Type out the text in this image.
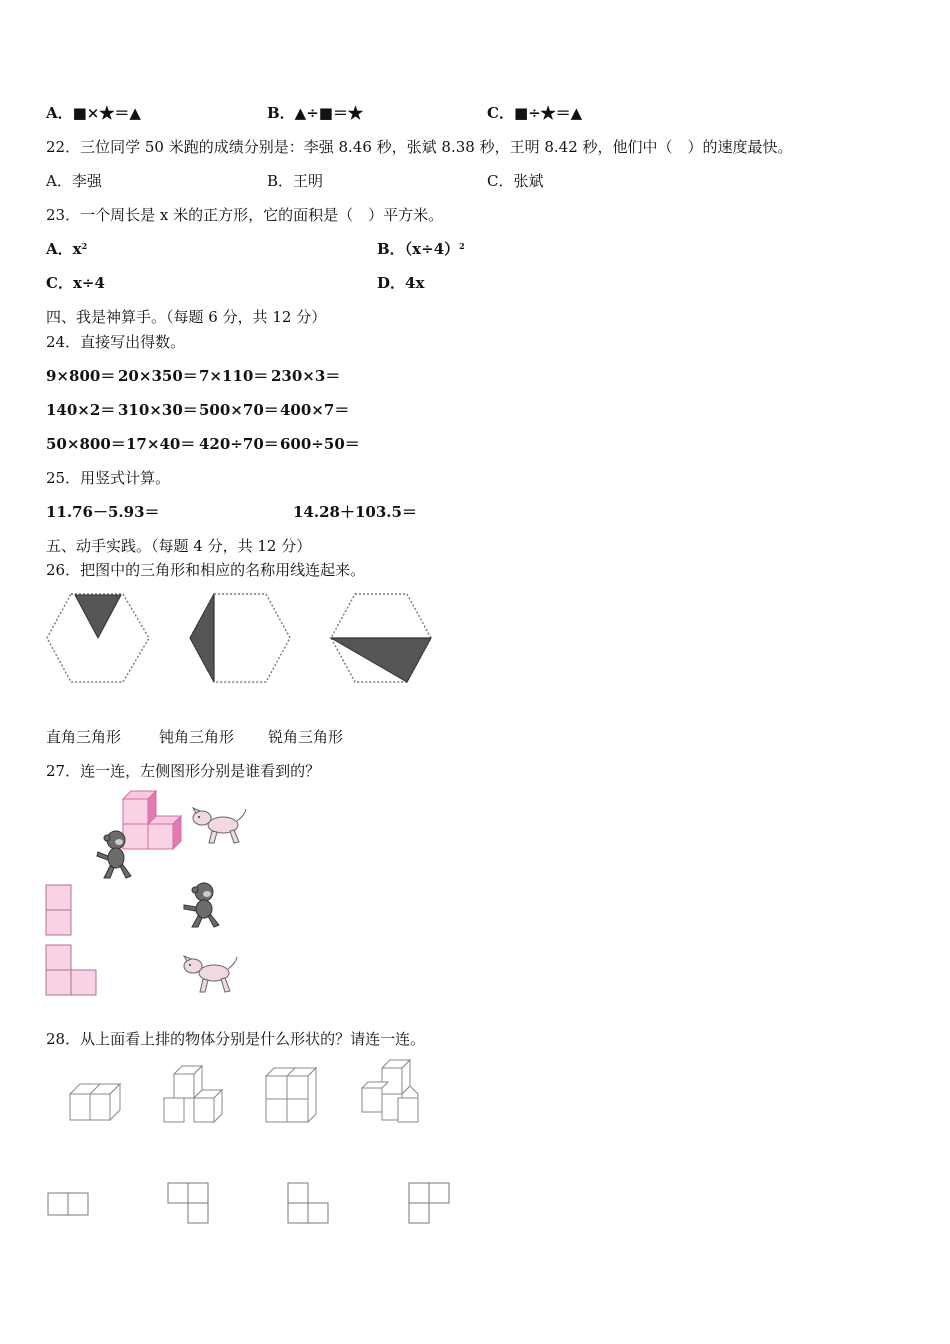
A．■×★＝▲	B．▲÷■＝★	C．■÷★＝▲
22．三位同学 50 米跑的成绩分别是：李强 8.46 秒，张斌 8.38 秒，王明 8.42 秒，他们中（　）的速度最快。
A．李强	B．王明	C．张斌
23．一个周长是 x 米的正方形，它的面积是（　）平方米。
A．$x^2$	B．$(x\div 4)^2$
C．x÷4	D．4x
四、我是神算手。（每题 6 分，共 12 分）
24．直接写出得数。
9×800＝ 20×350＝ 7×110＝ 230×3＝
140×2＝ 310×30＝ 500×70＝ 400×7＝
50×800＝ 17×40＝ 420÷70＝ 600÷50＝
25．用竖式计算。
11.76－5.93＝	14.28＋103.5＝
五、动手实践。（每题 4 分，共 12 分）
26．把图中的三角形和相应的名称用线连起来。
直角三角形	钝角三角形 锐角三角形
27．连一连，左侧图形分别是谁看到的？
28．从上面看上排的物体分别是什么形状的？请连一连。
